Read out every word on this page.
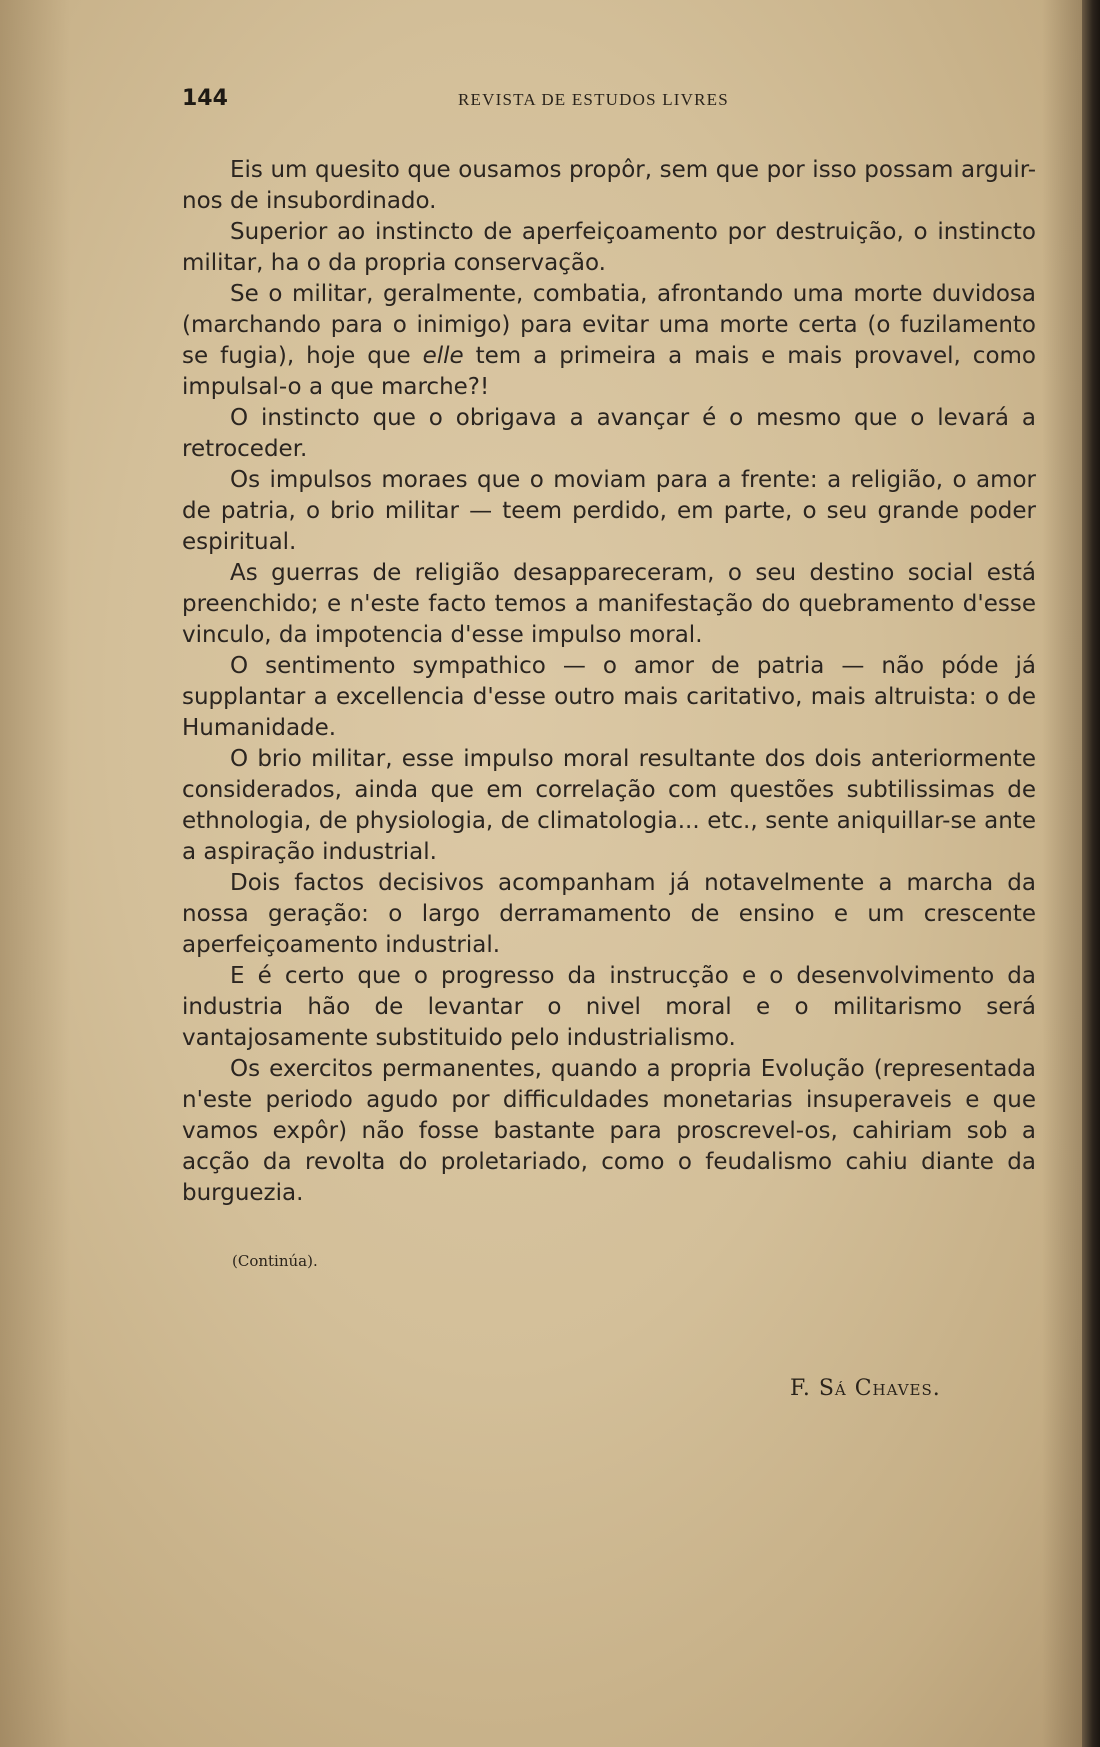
144	REVISTA DE ESTUDOS LIVRES

Eis um quesito que ousamos propôr, sem que por isso possam arguir-nos de insubordinado.

Superior ao instincto de aperfeiçoamento por destruição, o instincto militar, ha o da propria conservação.

Se o militar, geralmente, combatia, afrontando uma morte duvidosa (marchando para o inimigo) para evitar uma morte certa (o fuzilamento se fugia), hoje que elle tem a primeira a mais e mais provavel, como impulsal-o a que marche?!

O instincto que o obrigava a avançar é o mesmo que o levará a retroceder.

Os impulsos moraes que o moviam para a frente: a religião, o amor de patria, o brio militar — teem perdido, em parte, o seu grande poder espiritual.

As guerras de religião desappareceram, o seu destino social está preenchido; e n'este facto temos a manifestação do quebramento d'esse vinculo, da impotencia d'esse impulso moral.

O sentimento sympathico — o amor de patria — não póde já supplantar a excellencia d'esse outro mais caritativo, mais altruista: o de Humanidade.

O brio militar, esse impulso moral resultante dos dois anteriormente considerados, ainda que em correlação com questões subtilissimas de ethnologia, de physiologia, de climatologia... etc., sente aniquillar-se ante a aspiração industrial.

Dois factos decisivos acompanham já notavelmente a marcha da nossa geração: o largo derramamento de ensino e um crescente aperfeiçoamento industrial.

E é certo que o progresso da instrucção e o desenvolvimento da industria hão de levantar o nivel moral e o militarismo será vantajosamente substituido pelo industrialismo.

Os exercitos permanentes, quando a propria Evolução (representada n'este periodo agudo por difficuldades monetarias insuperaveis e que vamos expôr) não fosse bastante para proscrevel-os, cahiriam sob a acção da revolta do proletariado, como o feudalismo cahiu diante da burguezia.

(Continúa).
F. Sá Chaves.
